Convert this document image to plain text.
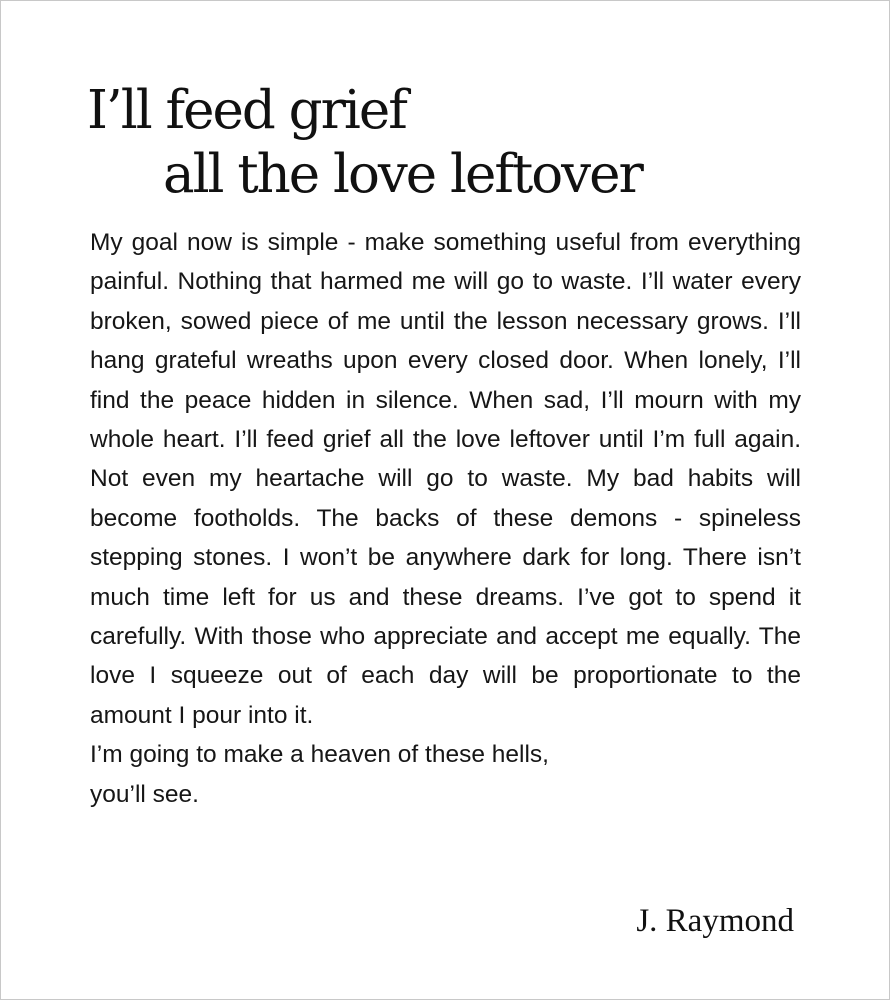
I’ll feed grief
all the love leftover

My goal now is simple - make something useful from everything painful. Nothing that harmed me will go to waste. I’ll water every broken, sowed piece of me until the lesson necessary grows. I’ll hang grateful wreaths upon every closed door. When lonely, I’ll find the peace hidden in silence. When sad, I’ll mourn with my whole heart. I’ll feed grief all the love leftover until I’m full again. Not even my heartache will go to waste. My bad habits will become footholds. The backs of these demons - spineless stepping stones. I won’t be anywhere dark for long. There isn’t much time left for us and these dreams. I’ve got to spend it carefully. With those who appreciate and accept me equally. The love I squeeze out of each day will be proportionate to the amount I pour into it.

I’m going to make a heaven of these hells,

you’ll see.

J. Raymond
